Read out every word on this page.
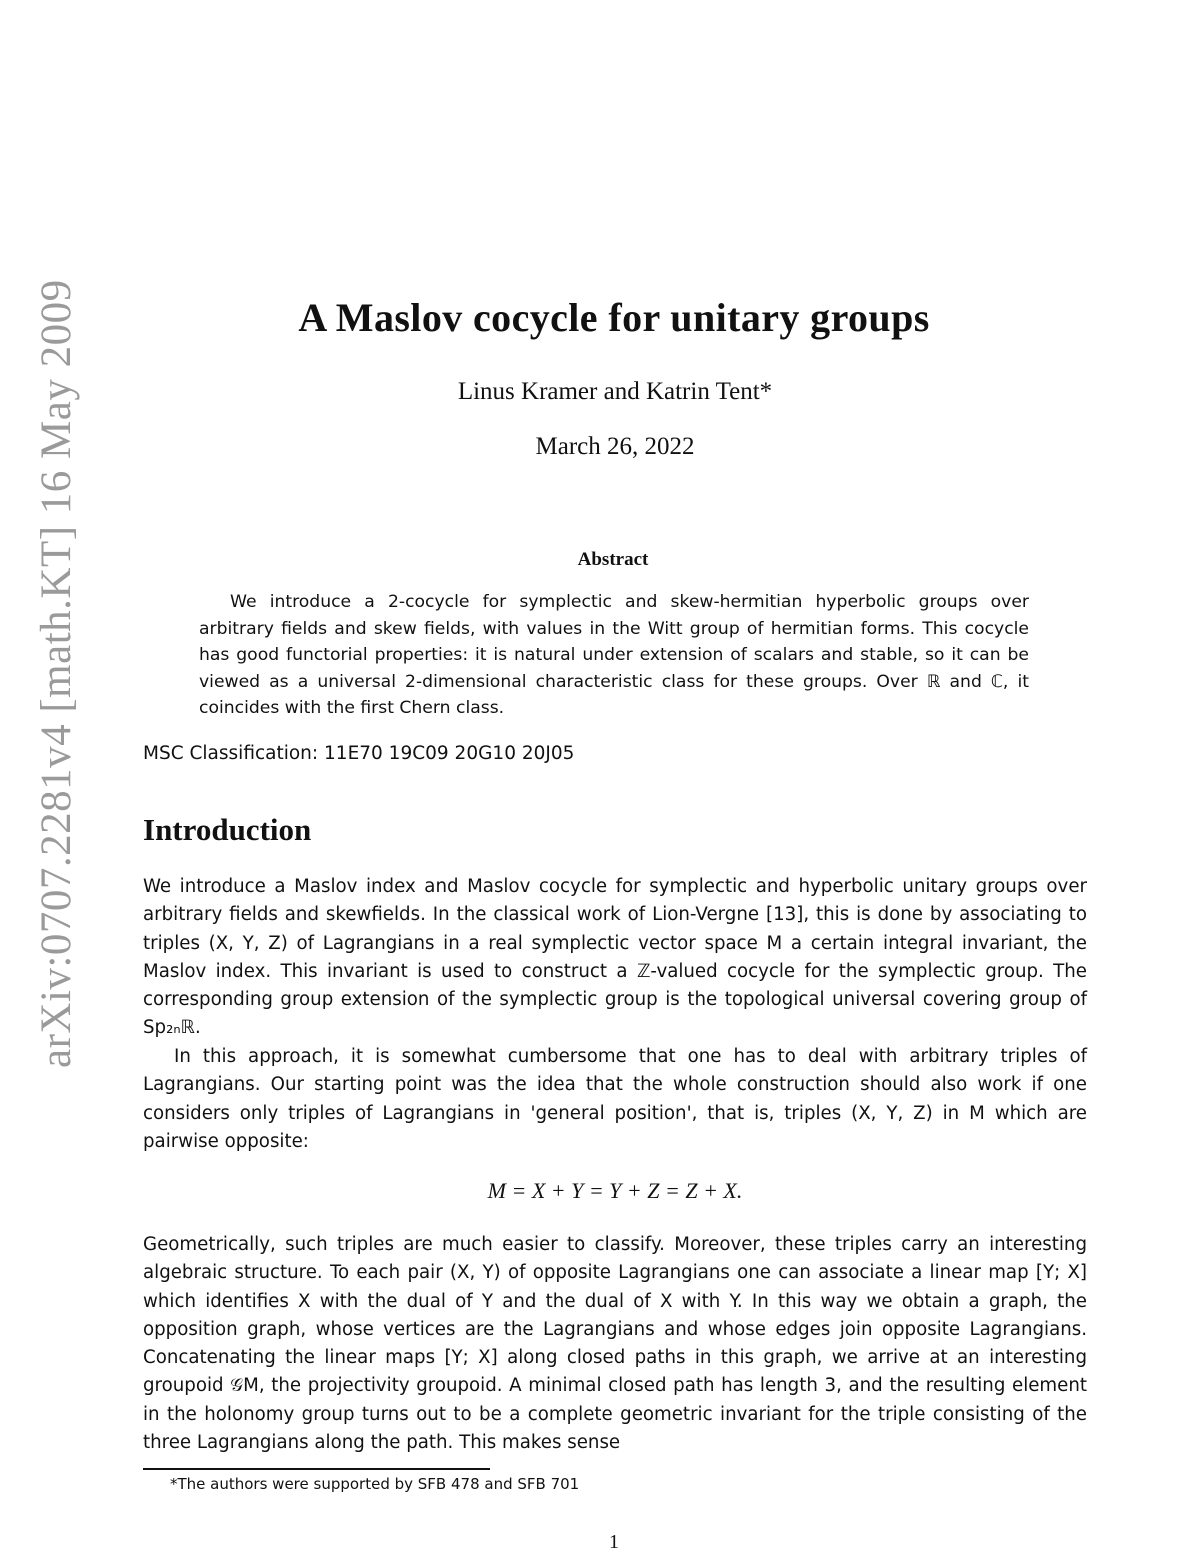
arXiv:0707.2281v4 [math.KT] 16 May 2009	A Maslov cocycle for unitary groups
Linus Kramer and Katrin Tent*
March 26, 2022
Abstract

We introduce a 2-cocycle for symplectic and skew-hermitian hyperbolic groups over arbitrary fields and skew fields, with values in the Witt group of hermitian forms. This cocycle has good functorial properties: it is natural under extension of scalars and stable, so it can be viewed as a universal 2-dimensional characteristic class for these groups. Over ℝ and ℂ, it coincides with the first Chern class.

MSC Classification: 11E70 19C09 20G10 20J05
Introduction

We introduce a Maslov index and Maslov cocycle for symplectic and hyperbolic unitary groups over arbitrary fields and skewfields. In the classical work of Lion-Vergne [13], this is done by associating to triples (X, Y, Z) of Lagrangians in a real symplectic vector space M a certain integral invariant, the Maslov index. This invariant is used to construct a ℤ-valued cocycle for the symplectic group. The corresponding group extension of the symplectic group is the topological universal covering group of Sp₂ₙℝ.

In this approach, it is somewhat cumbersome that one has to deal with arbitrary triples of Lagrangians. Our starting point was the idea that the whole construction should also work if one considers only triples of Lagrangians in 'general position', that is, triples (X, Y, Z) in M which are pairwise opposite:

M = X + Y = Y + Z = Z + X.

Geometrically, such triples are much easier to classify. Moreover, these triples carry an interesting algebraic structure. To each pair (X, Y) of opposite Lagrangians one can associate a linear map [Y; X] which identifies X with the dual of Y and the dual of X with Y. In this way we obtain a graph, the opposition graph, whose vertices are the Lagrangians and whose edges join opposite Lagrangians. Concatenating the linear maps [Y; X] along closed paths in this graph, we arrive at an interesting groupoid 𝒢M, the projectivity groupoid. A minimal closed path has length 3, and the resulting element in the holonomy group turns out to be a complete geometric invariant for the triple consisting of the three Lagrangians along the path. This makes sense

*The authors were supported by SFB 478 and SFB 701
1
